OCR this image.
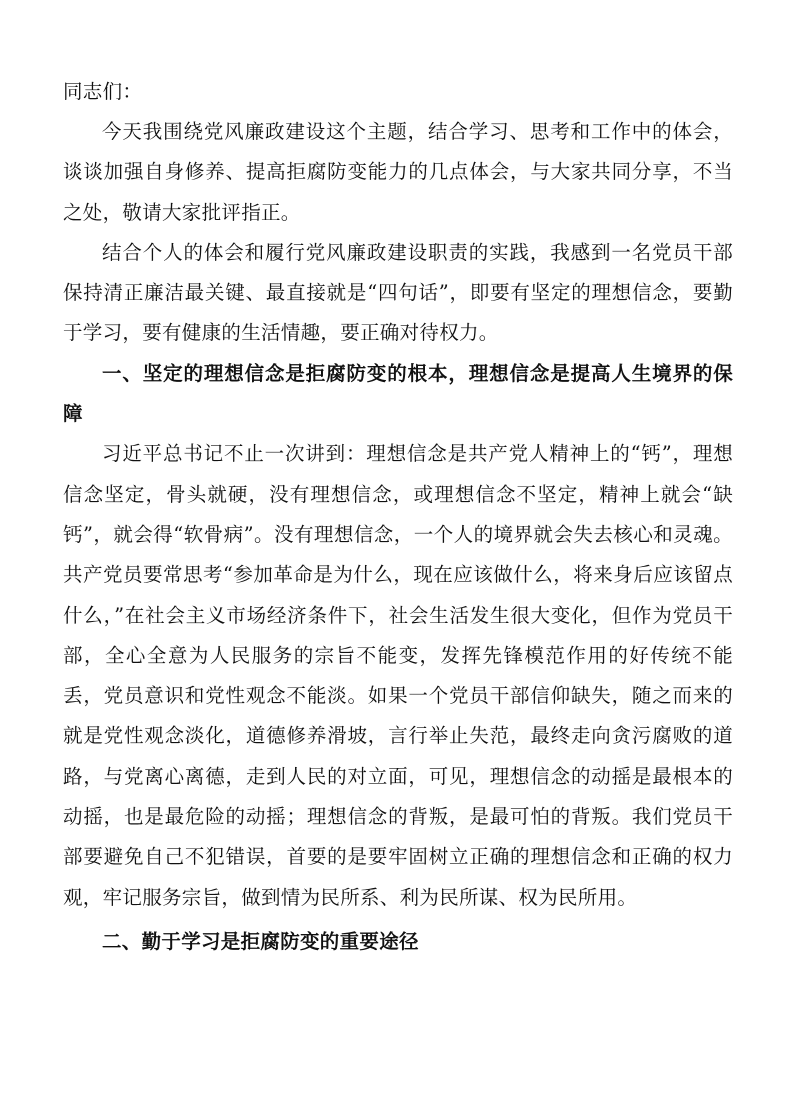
同志们：

今天我围绕党风廉政建设这个主题，结合学习、思考和工作中的体会，谈谈加强自身修养、提高拒腐防变能力的几点体会，与大家共同分享，不当之处，敬请大家批评指正。

结合个人的体会和履行党风廉政建设职责的实践，我感到一名党员干部保持清正廉洁最关键、最直接就是“四句话”，即要有坚定的理想信念，要勤于学习，要有健康的生活情趣，要正确对待权力。

一、坚定的理想信念是拒腐防变的根本，理想信念是提高人生境界的保障

习近平总书记不止一次讲到：理想信念是共产党人精神上的“钙”，理想信念坚定，骨头就硬，没有理想信念，或理想信念不坚定，精神上就会“缺钙”，就会得“软骨病”。没有理想信念，一个人的境界就会失去核心和灵魂。共产党员要常思考“参加革命是为什么，现在应该做什么，将来身后应该留点什么，”在社会主义市场经济条件下，社会生活发生很大变化，但作为党员干部，全心全意为人民服务的宗旨不能变，发挥先锋模范作用的好传统不能丢，党员意识和党性观念不能淡。如果一个党员干部信仰缺失，随之而来的就是党性观念淡化，道德修养滑坡，言行举止失范，最终走向贪污腐败的道路，与党离心离德，走到人民的对立面，可见，理想信念的动摇是最根本的动摇，也是最危险的动摇；理想信念的背叛，是最可怕的背叛。我们党员干部要避免自己不犯错误，首要的是要牢固树立正确的理想信念和正确的权力观，牢记服务宗旨，做到情为民所系、利为民所谋、权为民所用。

二、勤于学习是拒腐防变的重要途径
